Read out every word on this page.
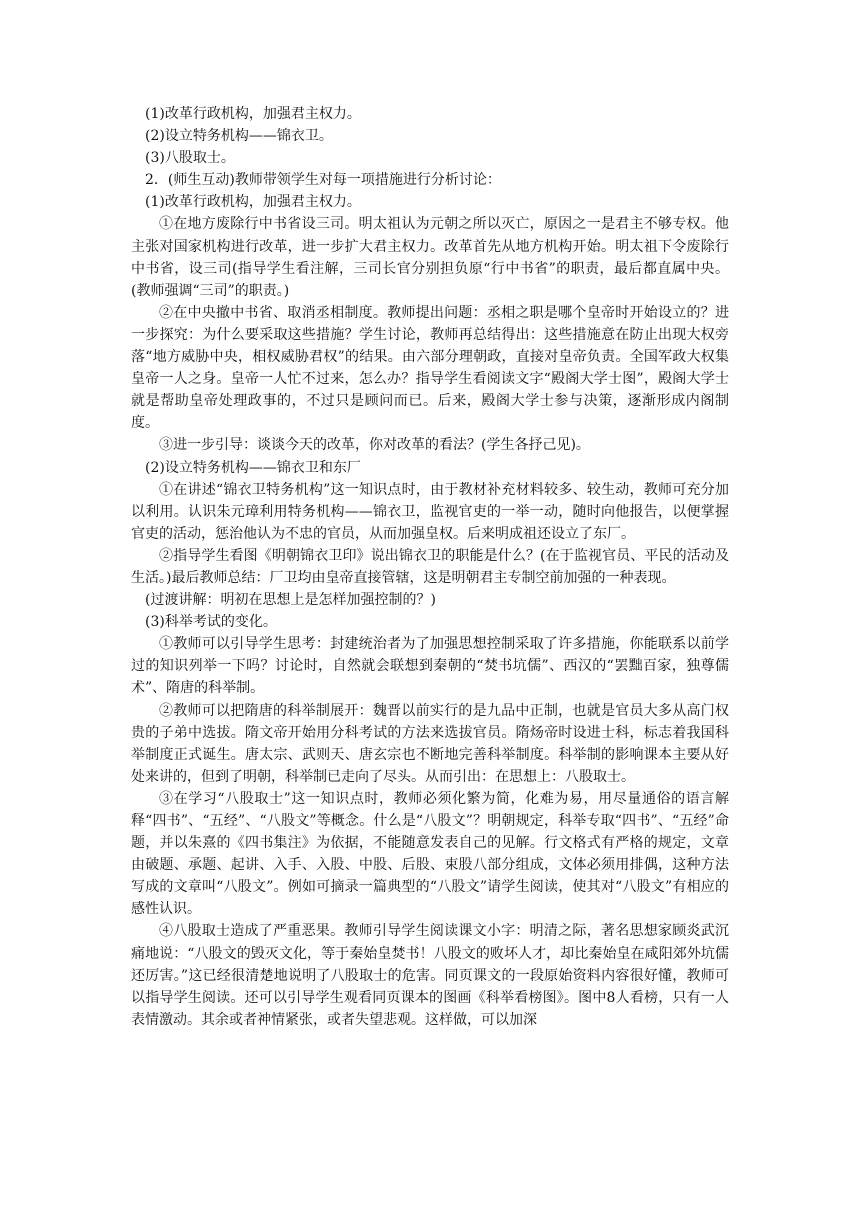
(1)改革行政机构，加强君主权力。

(2)设立特务机构——锦衣卫。

(3)八股取士。

2．(师生互动)教师带领学生对每一项措施进行分析讨论：

(1)改革行政机构，加强君主权力。

①在地方废除行中书省设三司。明太祖认为元朝之所以灭亡，原因之一是君主不够专权。他主张对国家机构进行改革，进一步扩大君主权力。改革首先从地方机构开始。明太祖下令废除行中书省，设三司(指导学生看注解，三司长官分别担负原“行中书省”的职责，最后都直属中央。(教师强调“三司”的职责。)

②在中央撤中书省、取消丞相制度。教师提出问题：丞相之职是哪个皇帝时开始设立的？进一步探究：为什么要采取这些措施？学生讨论，教师再总结得出：这些措施意在防止出现大权旁落“地方威胁中央，相权威胁君权”的结果。由六部分理朝政，直接对皇帝负责。全国军政大权集皇帝一人之身。皇帝一人忙不过来，怎么办？指导学生看阅读文字“殿阁大学士图”，殿阁大学士就是帮助皇帝处理政事的，不过只是顾问而已。后来，殿阁大学士参与决策，逐渐形成内阁制度。

③进一步引导：谈谈今天的改革，你对改革的看法？(学生各抒己见)。

(2)设立特务机构——锦衣卫和东厂

①在讲述“锦衣卫特务机构”这一知识点时，由于教材补充材料较多、较生动，教师可充分加以利用。认识朱元璋利用特务机构——锦衣卫，监视官吏的一举一动，随时向他报告，以便掌握官吏的活动，惩治他认为不忠的官员，从而加强皇权。后来明成祖还设立了东厂。

②指导学生看图《明朝锦衣卫印》说出锦衣卫的职能是什么？(在于监视官员、平民的活动及生活。)最后教师总结：厂卫均由皇帝直接管辖，这是明朝君主专制空前加强的一种表现。

(过渡讲解：明初在思想上是怎样加强控制的？)

(3)科举考试的变化。

①教师可以引导学生思考：封建统治者为了加强思想控制采取了许多措施，你能联系以前学过的知识列举一下吗？讨论时，自然就会联想到秦朝的“焚书坑儒”、西汉的“罢黜百家，独尊儒术”、隋唐的科举制。

②教师可以把隋唐的科举制展开：魏晋以前实行的是九品中正制，也就是官员大多从高门权贵的子弟中选拔。隋文帝开始用分科考试的方法来选拔官员。隋炀帝时设进士科，标志着我国科举制度正式诞生。唐太宗、武则天、唐玄宗也不断地完善科举制度。科举制的影响课本主要从好处来讲的，但到了明朝，科举制已走向了尽头。从而引出：在思想上：八股取士。

③在学习“八股取士”这一知识点时，教师必须化繁为简，化难为易，用尽量通俗的语言解释“四书”、“五经”、“八股文”等概念。什么是“八股文”？明朝规定，科举专取“四书”、“五经”命题，并以朱熹的《四书集注》为依据，不能随意发表自己的见解。行文格式有严格的规定，文章由破题、承题、起讲、入手、入股、中股、后股、束股八部分组成，文体必须用排偶，这种方法写成的文章叫“八股文”。例如可摘录一篇典型的“八股文”请学生阅读，使其对“八股文”有相应的感性认识。

④八股取士造成了严重恶果。教师引导学生阅读课文小字：明清之际，著名思想家顾炎武沉痛地说：“八股文的毁灭文化，等于秦始皇焚书！八股文的败坏人才，却比秦始皇在咸阳郊外坑儒还厉害。”这已经很清楚地说明了八股取士的危害。同页课文的一段原始资料内容很好懂，教师可以指导学生阅读。还可以引导学生观看同页课本的图画《科举看榜图》。图中8人看榜，只有一人表情激动。其余或者神情紧张，或者失望悲观。这样做，可以加深
